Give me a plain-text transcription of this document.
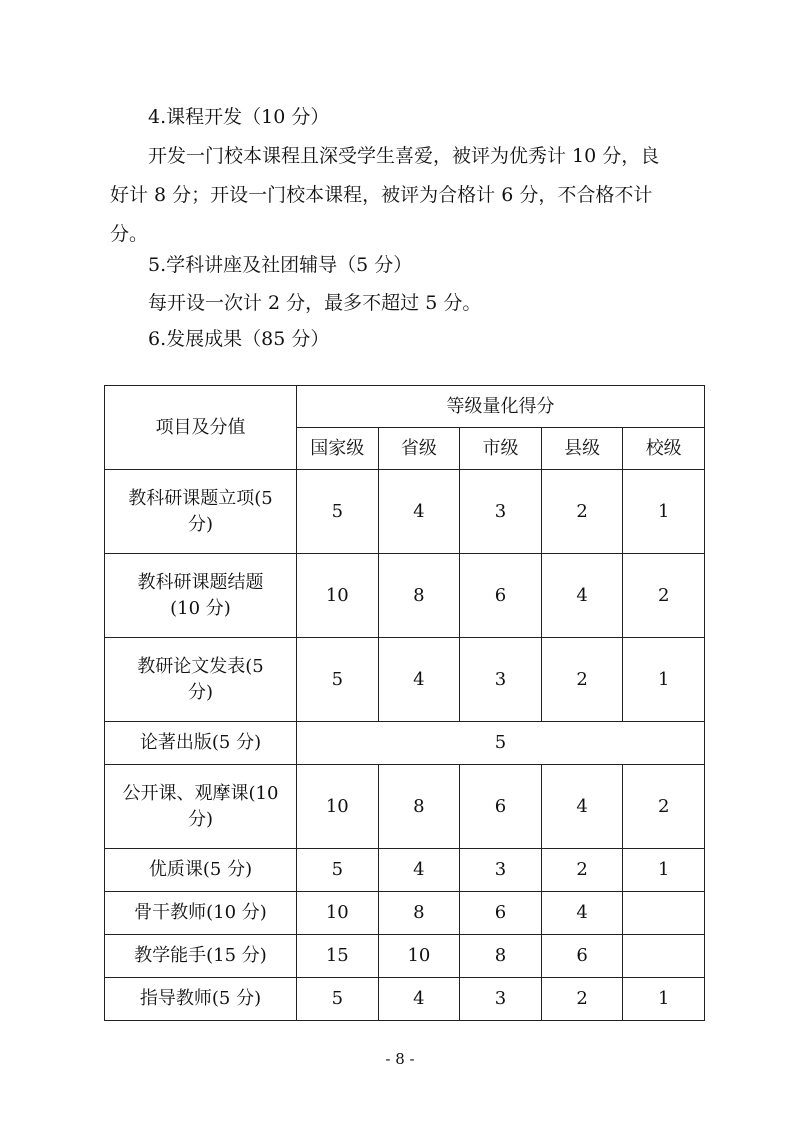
4.课程开发（10 分）

开发一门校本课程且深受学生喜爱，被评为优秀计 10 分，良

好计 8 分；开设一门校本课程，被评为合格计 6 分，不合格不计

分。

5.学科讲座及社团辅导（5 分）

每开设一次计 2 分，最多不超过 5 分。

6.发展成果（85 分）

项目及分值	等级量化得分				
	国家级	省级	市级	县级	校级
教科研课题立项(5
分)	5	4	3	2	1
教科研课题结题
(10 分)	10	8	6	4	2
教研论文发表(5
分)	5	4	3	2	1
论著出版(5 分)	5				
公开课、观摩课(10
分)	10	8	6	4	2
优质课(5 分)	5	4	3	2	1
骨干教师(10 分)	10	8	6	4	
教学能手(15 分)	15	10	8	6	
指导教师(5 分)	5	4	3	2	1
- 8 -
